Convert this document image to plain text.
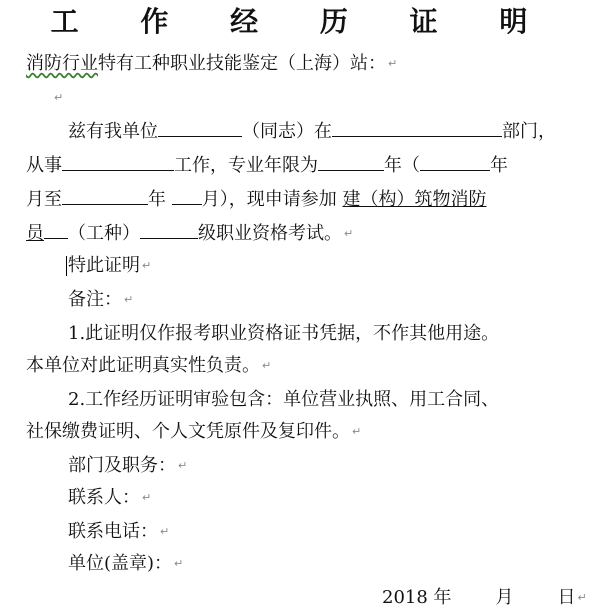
工 作 经 历 证 明
消防行业特有工种职业技能鉴定（上海）站： ↵
↵
兹有我单位	（同志）在	部门，
从事	工作，专业年限为	年（	年
月至	年 月），现申请参加 建（构）筑物消防
员 （工种）	级职业资格考试。 ↵
特此证明 ↵
备注： ↵
1.此证明仅作报考职业资格证书凭据，不作其他用途。
本单位对此证明真实性负责。 ↵
2.工作经历证明审验包含：单位营业执照、用工合同、
社保缴费证明、个人文凭原件及复印件。 ↵
部门及职务： ↵
联系人： ↵
联系电话： ↵
单位(盖章)： ↵
2018 年 月 日 ↵
